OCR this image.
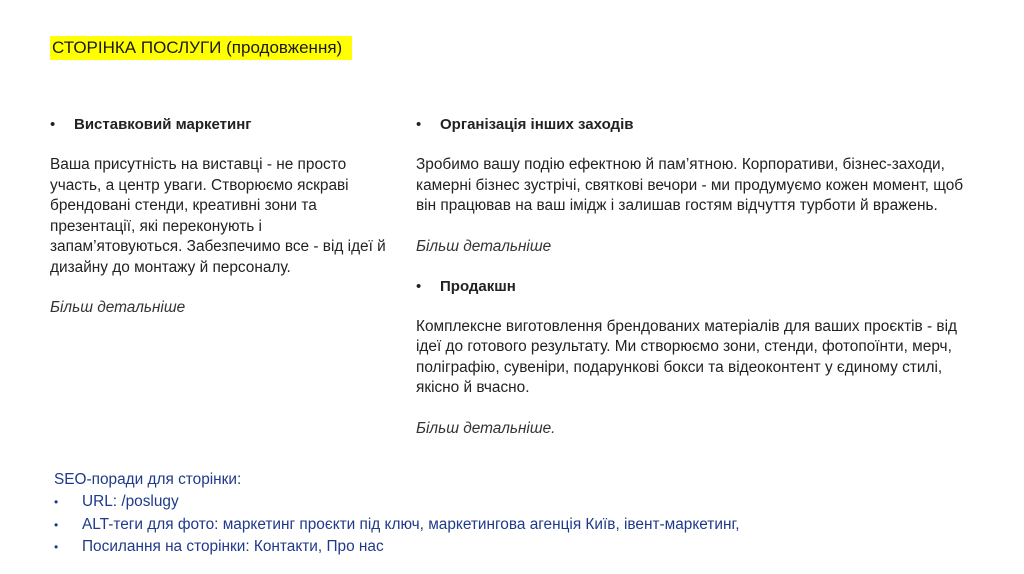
СТОРІНКА ПОСЛУГИ (продовження)
• Виставковий маркетинг
Ваша присутність на виставці - не просто участь, а центр уваги. Створюємо яскраві брендовані стенди, креативні зони та презентації, які переконують і запам’ятовуються. Забезпечимо все - від ідеї й дизайну до монтажу й персоналу.
Більш детальніше
• Організація інших заходів
Зробимо вашу подію ефектною й пам’ятною. Корпоративи, бізнес-заходи, камерні бізнес зустрічі, святкові вечори - ми продумуємо кожен момент, щоб він працював на ваш імідж і залишав гостям відчуття турботи й вражень.
Більш детальніше
• Продакшн
Комплексне виготовлення брендованих матеріалів для ваших проєктів - від ідеї до готового результату. Ми створюємо зони, стенди, фотопоїнти, мерч, поліграфію, сувеніри, подарункові бокси та відеоконтент у єдиному стилі, якісно й вчасно.
Більш детальніше.
SEO-поради для сторінки:
• URL: /poslugy
• ALT-теги для фото: маркетинг проєкти під ключ, маркетингова агенція Київ, івент-маркетинг,
• Посилання на сторінки: Контакти, Про нас
